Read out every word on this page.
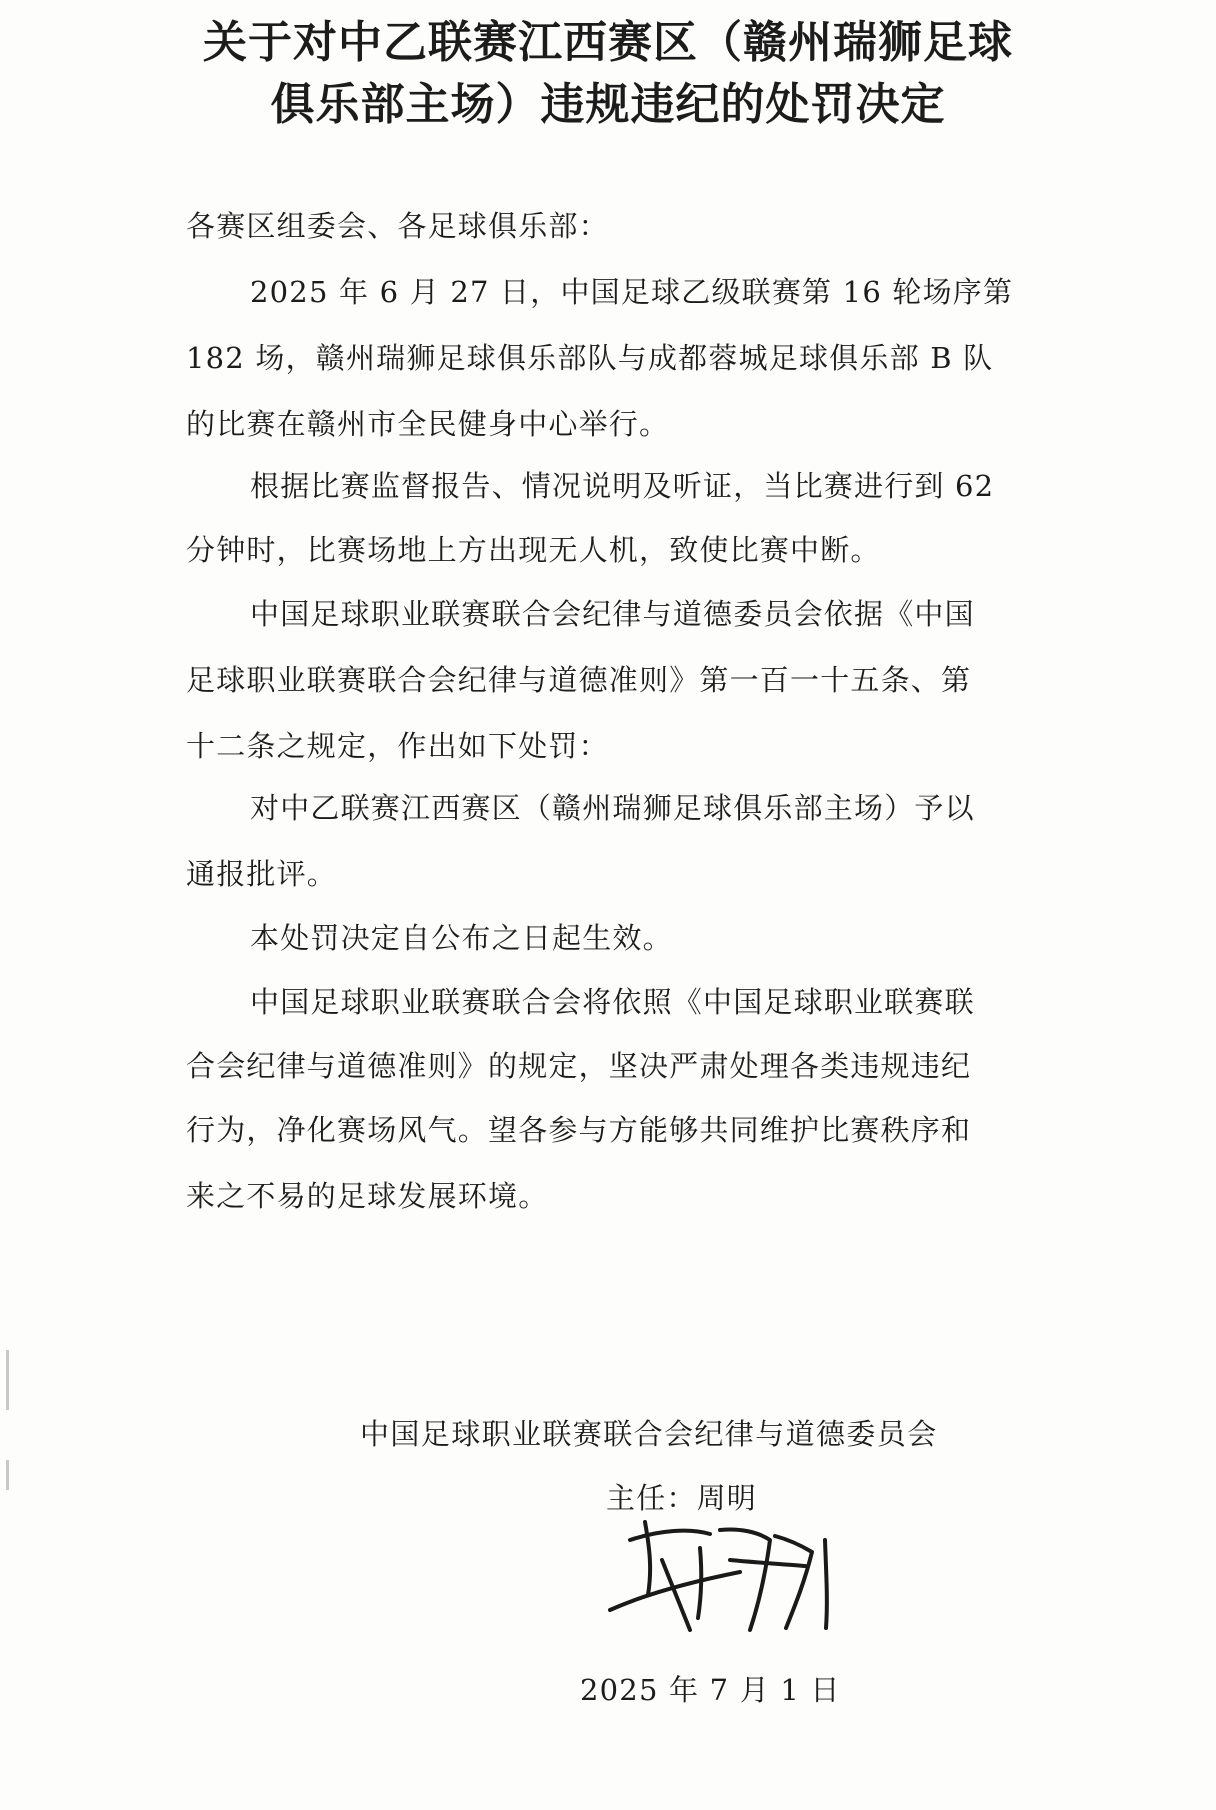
关于对中乙联赛江西赛区（赣州瑞狮足球
俱乐部主场）违规违纪的处罚决定

各赛区组委会、各足球俱乐部：

2025 年 6 月 27 日，中国足球乙级联赛第 16 轮场序第

182 场，赣州瑞狮足球俱乐部队与成都蓉城足球俱乐部 B 队

的比赛在赣州市全民健身中心举行。

根据比赛监督报告、情况说明及听证，当比赛进行到 62

分钟时，比赛场地上方出现无人机，致使比赛中断。

中国足球职业联赛联合会纪律与道德委员会依据《中国

足球职业联赛联合会纪律与道德准则》第一百一十五条、第

十二条之规定，作出如下处罚：

对中乙联赛江西赛区（赣州瑞狮足球俱乐部主场）予以

通报批评。

本处罚决定自公布之日起生效。

中国足球职业联赛联合会将依照《中国足球职业联赛联

合会纪律与道德准则》的规定，坚决严肃处理各类违规违纪

行为，净化赛场风气。望各参与方能够共同维护比赛秩序和

来之不易的足球发展环境。

中国足球职业联赛联合会纪律与道德委员会

主任：周明

2025 年 7 月 1 日
